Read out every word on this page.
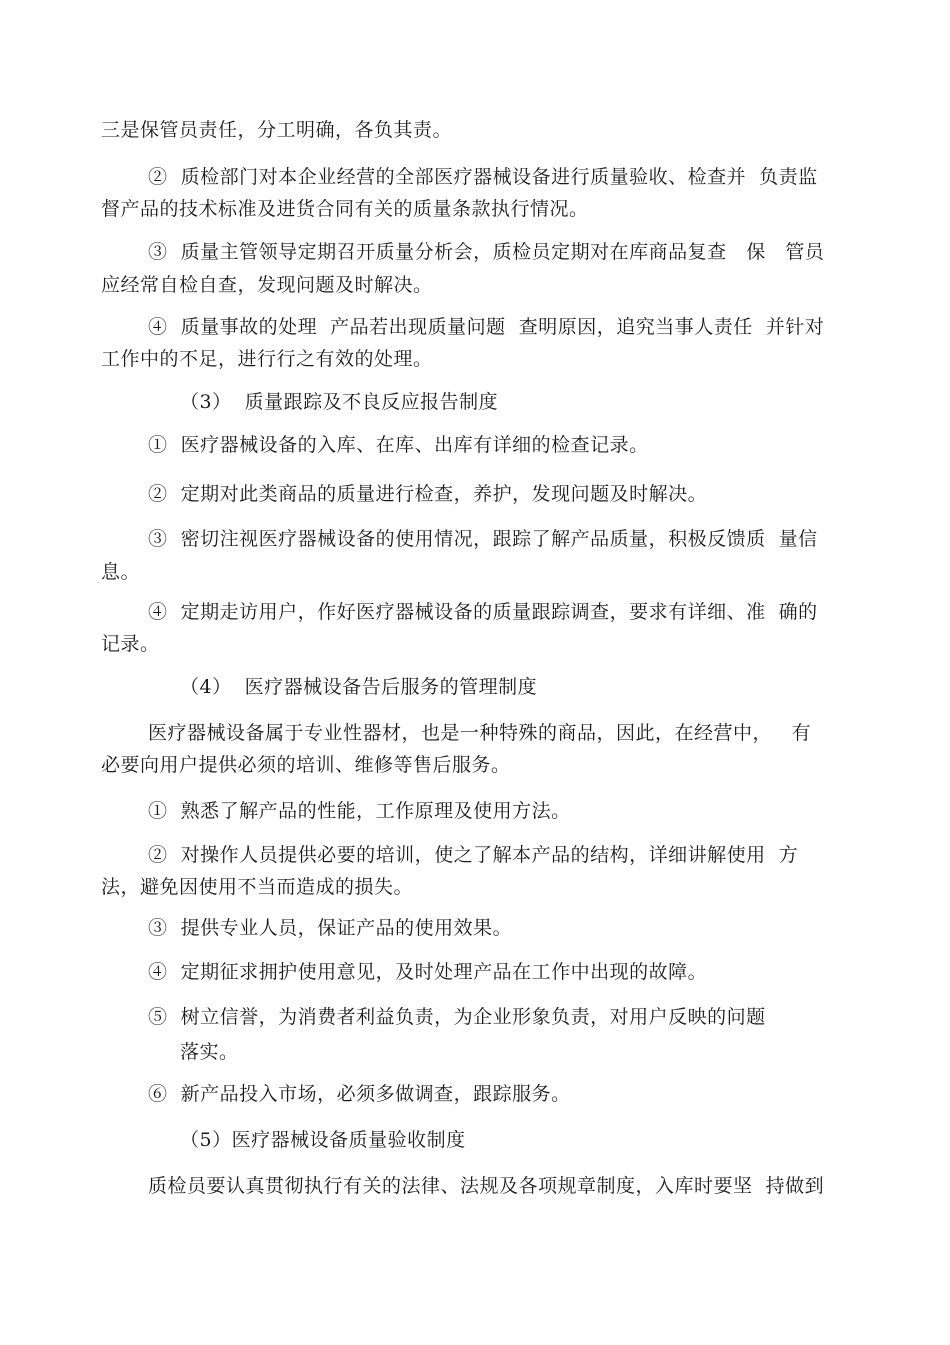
三是保管员责任，分工明确，各负其责。
②  质检部门对本企业经营的全部医疗器械设备进行质量验收、检查并  负责监
督产品的技术标准及进货合同有关的质量条款执行情况。
③  质量主管领导定期召开质量分析会，质检员定期对在库商品复查   保   管员
应经常自检自查，发现问题及时解决。
④  质量事故的处理  产品若出现质量问题  查明原因，追究当事人责任  并针对
工作中的不足，进行行之有效的处理。
（3）  质量跟踪及不良反应报告制度
①  医疗器械设备的入库、在库、出库有详细的检查记录。
②  定期对此类商品的质量进行检查，养护，发现问题及时解决。
③  密切注视医疗器械设备的使用情况，跟踪了解产品质量，积极反馈质  量信
息。
④  定期走访用户，作好医疗器械设备的质量跟踪调查，要求有详细、准  确的
记录。
（4）  医疗器械设备告后服务的管理制度
医疗器械设备属于专业性器材，也是一种特殊的商品，因此，在经营中，   有
必要向用户提供必须的培训、维修等售后服务。
①  熟悉了解产品的性能，工作原理及使用方法。
②  对操作人员提供必要的培训，使之了解本产品的结构，详细讲解使用  方
法，避免因使用不当而造成的损失。
③  提供专业人员，保证产品的使用效果。
④  定期征求拥护使用意见，及时处理产品在工作中出现的故障。
⑤  树立信誉，为消费者利益负责，为企业形象负责，对用户反映的问题
落实。
⑥  新产品投入市场，必须多做调查，跟踪服务。
（5）医疗器械设备质量验收制度
质检员要认真贯彻执行有关的法律、法规及各项规章制度，入库时要坚  持做到
